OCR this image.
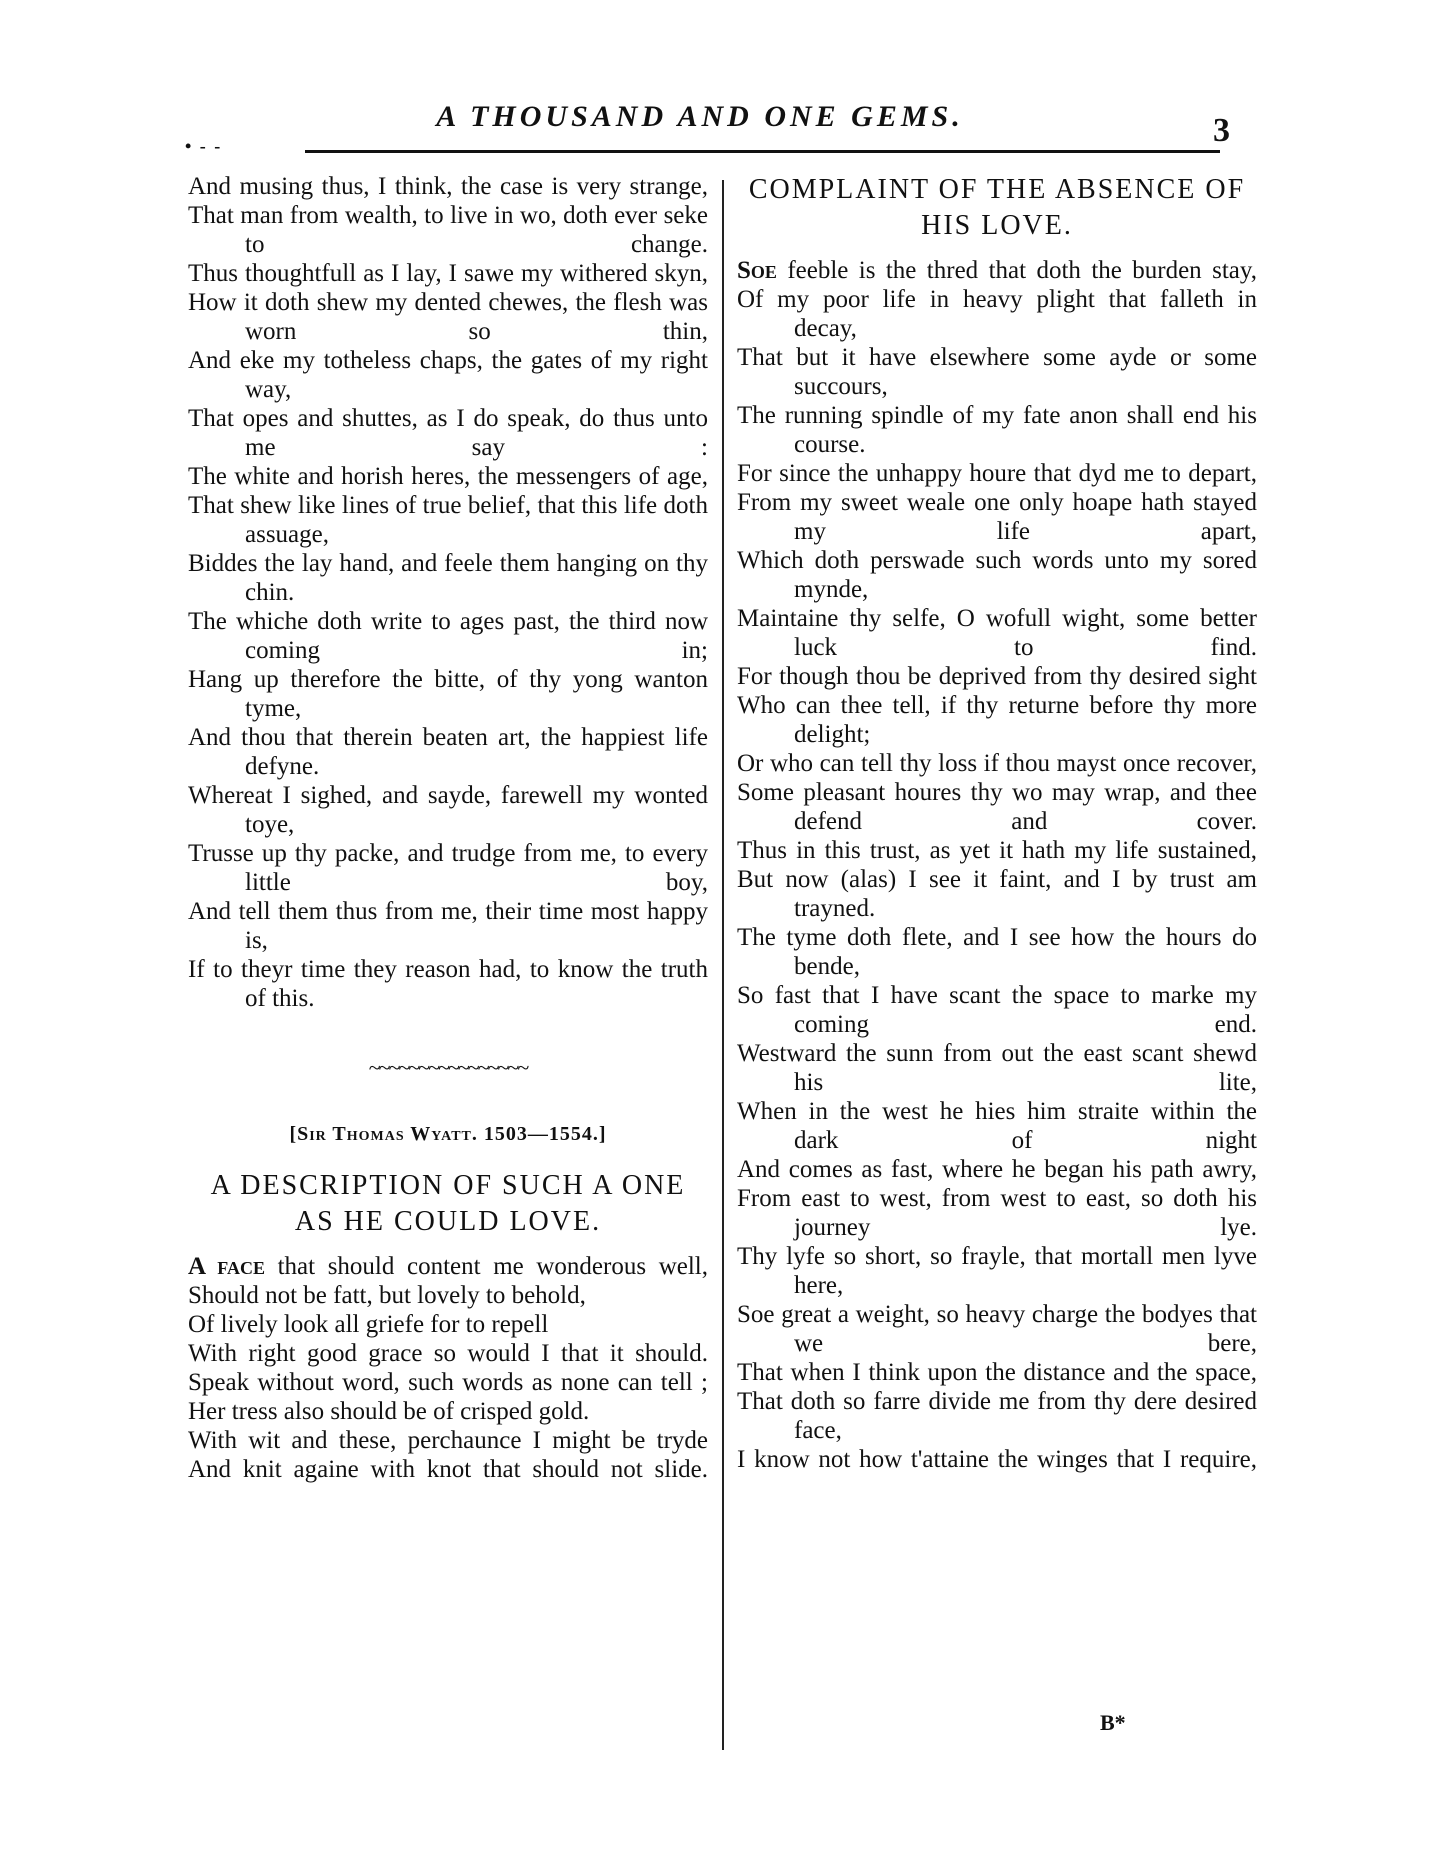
• - -
A THOUSAND AND ONE GEMS.	3
And musing thus, I think, the case is very strange,
That man from wealth, to live in wo, doth ever seke to change.
Thus thoughtfull as I lay, I sawe my withered skyn,
How it doth shew my dented chewes, the flesh was worn so thin,
And eke my totheless chaps, the gates of my right way,
That opes and shuttes, as I do speak, do thus unto me say :
The white and horish heres, the messengers of age,
That shew like lines of true belief, that this life doth assuage,
Biddes the lay hand, and feele them hanging on thy chin.
The whiche doth write to ages past, the third now coming in;
Hang up therefore the bitte, of thy yong wanton tyme,
And thou that therein beaten art, the happiest life defyne.
Whereat I sighed, and sayde, farewell my wonted toye,
Trusse up thy packe, and trudge from me, to every little boy,
And tell them thus from me, their time most happy is,
If to theyr time they reason had, to know the truth of this.
~~~~~~~~~~~~~~~~
[Sir Thomas Wyatt. 1503—1554.]
A DESCRIPTION OF SUCH A ONE AS HE COULD LOVE.
A face that should content me wonderous well,
Should not be fatt, but lovely to behold,
Of lively look all griefe for to repell
With right good grace so would I that it should.
Speak without word, such words as none can tell ;
Her tress also should be of crisped gold.
With wit and these, perchaunce I might be tryde
And knit againe with knot that should not slide.
COMPLAINT OF THE ABSENCE OF HIS LOVE.
Soe feeble is the thred that doth the burden stay,
Of my poor life in heavy plight that falleth in decay,
That but it have elsewhere some ayde or some succours,
The running spindle of my fate anon shall end his course.
For since the unhappy houre that dyd me to depart,
From my sweet weale one only hoape hath stayed my life apart,
Which doth perswade such words unto my sored mynde,
Maintaine thy selfe, O wofull wight, some better luck to find.
For though thou be deprived from thy desired sight
Who can thee tell, if thy returne before thy more delight;
Or who can tell thy loss if thou mayst once recover,
Some pleasant houres thy wo may wrap, and thee defend and cover.
Thus in this trust, as yet it hath my life sustained,
But now (alas) I see it faint, and I by trust am trayned.
The tyme doth flete, and I see how the hours do bende,
So fast that I have scant the space to marke my coming end.
Westward the sunn from out the east scant shewd his lite,
When in the west he hies him straite within the dark of night
And comes as fast, where he began his path awry,
From east to west, from west to east, so doth his journey lye.
Thy lyfe so short, so frayle, that mortall men lyve here,
Soe great a weight, so heavy charge the bodyes that we bere,
That when I think upon the distance and the space,
That doth so farre divide me from thy dere desired face,
I know not how t'attaine the winges that I require,
B*
